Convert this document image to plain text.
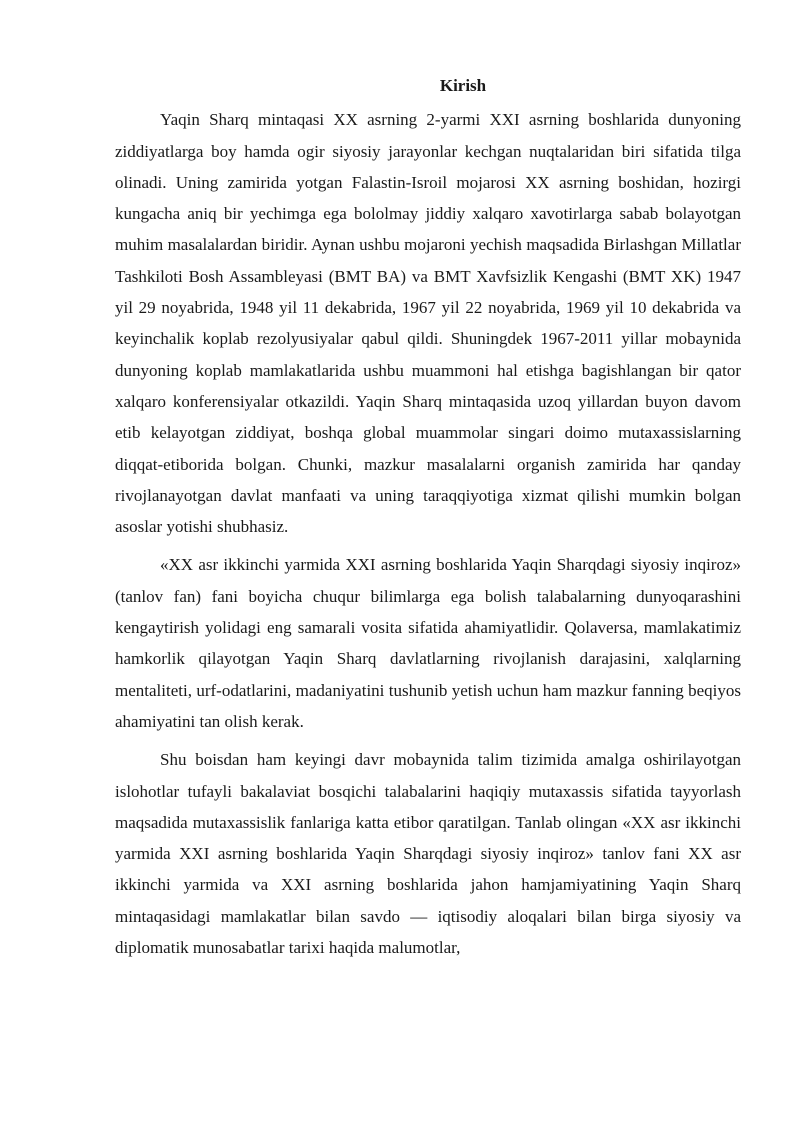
Kirish

Yaqin Sharq mintaqasi XX asrning 2-yarmi XXI asrning boshlarida dunyoning ziddiyatlarga boy hamda ogir siyosiy jarayonlar kechgan nuqtalaridan biri sifatida tilga olinadi. Uning zamirida yotgan Falastin-Isroil mojarosi XX asrning boshidan, hozirgi kungacha aniq bir yechimga ega bololmay jiddiy xalqaro xavotirlarga sabab bolayotgan muhim masalalardan biridir. Aynan ushbu mojaroni yechish maqsadida Birlashgan Millatlar Tashkiloti Bosh Assambleyasi (BMT BA) va BMT Xavfsizlik Kengashi (BMT XK) 1947 yil 29 noyabrida, 1948 yil 11 dekabrida, 1967 yil 22 noyabrida, 1969 yil 10 dekabrida va keyinchalik koplab rezolyusiyalar qabul qildi. Shuningdek 1967-2011 yillar mobaynida dunyoning koplab mamlakatlarida ushbu muammoni hal etishga bagishlangan bir qator xalqaro konferensiyalar otkazildi. Yaqin Sharq mintaqasida uzoq yillardan buyon davom etib kelayotgan ziddiyat, boshqa global muammolar singari doimo mutaxassislarning diqqat-etiborida bolgan. Chunki, mazkur masalalarni organish zamirida har qanday rivojlanayotgan davlat manfaati va uning taraqqiyotiga xizmat qilishi mumkin bolgan asoslar yotishi shubhasiz.

«XX asr ikkinchi yarmida XXI asrning boshlarida Yaqin Sharqdagi siyosiy inqiroz» (tanlov fan) fani boyicha chuqur bilimlarga ega bolish talabalarning dunyoqarashini kengaytirish yolidagi eng samarali vosita sifatida ahamiyatlidir. Qolaversa, mamlakatimiz hamkorlik qilayotgan Yaqin Sharq davlatlarning rivojlanish darajasini, xalqlarning mentaliteti, urf-odatlarini, madaniyatini tushunib yetish uchun ham mazkur fanning beqiyos ahamiyatini tan olish kerak.

Shu boisdan ham keyingi davr mobaynida talim tizimida amalga oshirilayotgan islohotlar tufayli bakalaviat bosqichi talabalarini haqiqiy mutaxassis sifatida tayyorlash maqsadida mutaxassislik fanlariga katta etibor qaratilgan. Tanlab olingan «XX asr ikkinchi yarmida XXI asrning boshlarida Yaqin Sharqdagi siyosiy inqiroz» tanlov fani XX asr ikkinchi yarmida va XXI asrning boshlarida jahon hamjamiyatining Yaqin Sharq mintaqasidagi mamlakatlar bilan savdo — iqtisodiy aloqalari bilan birga siyosiy va diplomatik munosabatlar tarixi haqida malumotlar,
